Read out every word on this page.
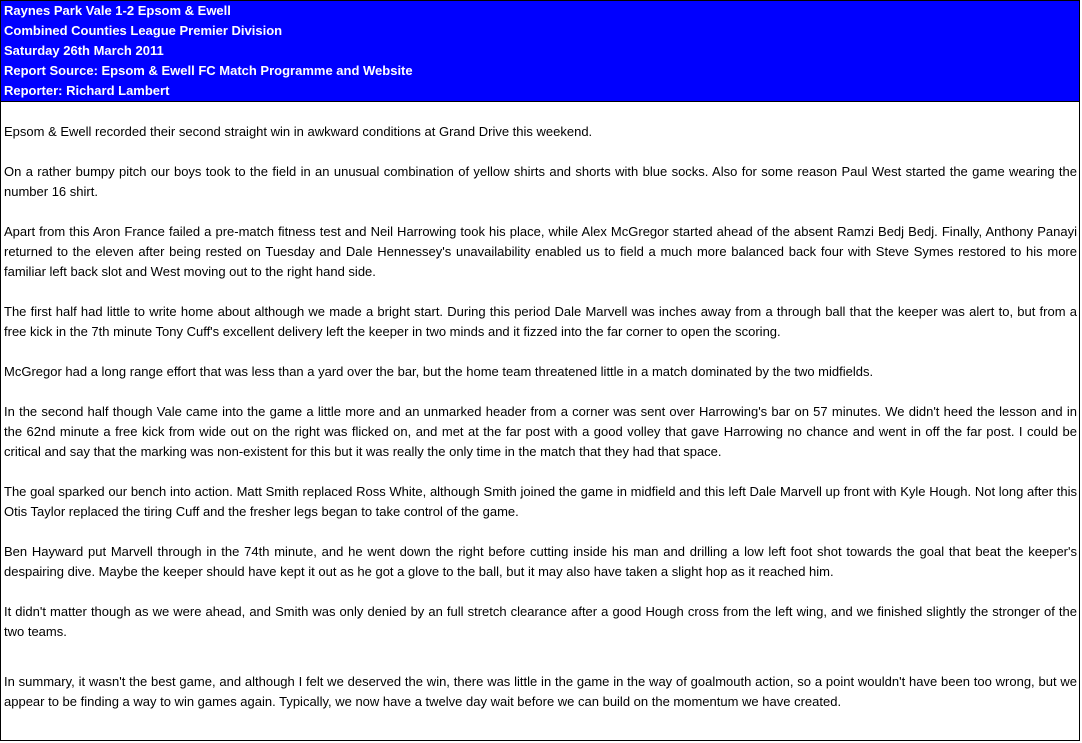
Raynes Park Vale 1-2 Epsom & Ewell
Combined Counties League Premier Division
Saturday 26th March 2011
Report Source: Epsom & Ewell FC Match Programme and Website
Reporter: Richard Lambert

Epsom & Ewell recorded their second straight win in awkward conditions at Grand Drive this weekend.

On a rather bumpy pitch our boys took to the field in an unusual combination of yellow shirts and shorts with blue socks. Also for some reason Paul West started the game wearing the number 16 shirt.

Apart from this Aron France failed a pre-match fitness test and Neil Harrowing took his place, while Alex McGregor started ahead of the absent Ramzi Bedj Bedj. Finally, Anthony Panayi returned to the eleven after being rested on Tuesday and Dale Hennessey's unavailability enabled us to field a much more balanced back four with Steve Symes restored to his more familiar left back slot and West moving out to the right hand side.

The first half had little to write home about although we made a bright start. During this period Dale Marvell was inches away from a through ball that the keeper was alert to, but from a free kick in the 7th minute Tony Cuff's excellent delivery left the keeper in two minds and it fizzed into the far corner to open the scoring.

McGregor had a long range effort that was less than a yard over the bar, but the home team threatened little in a match dominated by the two midfields.

In the second half though Vale came into the game a little more and an unmarked header from a corner was sent over Harrowing's bar on 57 minutes. We didn't heed the lesson and in the 62nd minute a free kick from wide out on the right was flicked on, and met at the far post with a good volley that gave Harrowing no chance and went in off the far post. I could be critical and say that the marking was non-existent for this but it was really the only time in the match that they had that space.

The goal sparked our bench into action. Matt Smith replaced Ross White, although Smith joined the game in midfield and this left Dale Marvell up front with Kyle Hough. Not long after this Otis Taylor replaced the tiring Cuff and the fresher legs began to take control of the game.

Ben Hayward put Marvell through in the 74th minute, and he went down the right before cutting inside his man and drilling a low left foot shot towards the goal that beat the keeper's despairing dive. Maybe the keeper should have kept it out as he got a glove to the ball, but it may also have taken a slight hop as it reached him.

It didn't matter though as we were ahead, and Smith was only denied by an full stretch clearance after a good Hough cross from the left wing, and we finished slightly the stronger of the two teams.

In summary, it wasn't the best game, and although I felt we deserved the win, there was little in the game in the way of goalmouth action, so a point wouldn't have been too wrong, but we appear to be finding a way to win games again. Typically, we now have a twelve day wait before we can build on the momentum we have created.
